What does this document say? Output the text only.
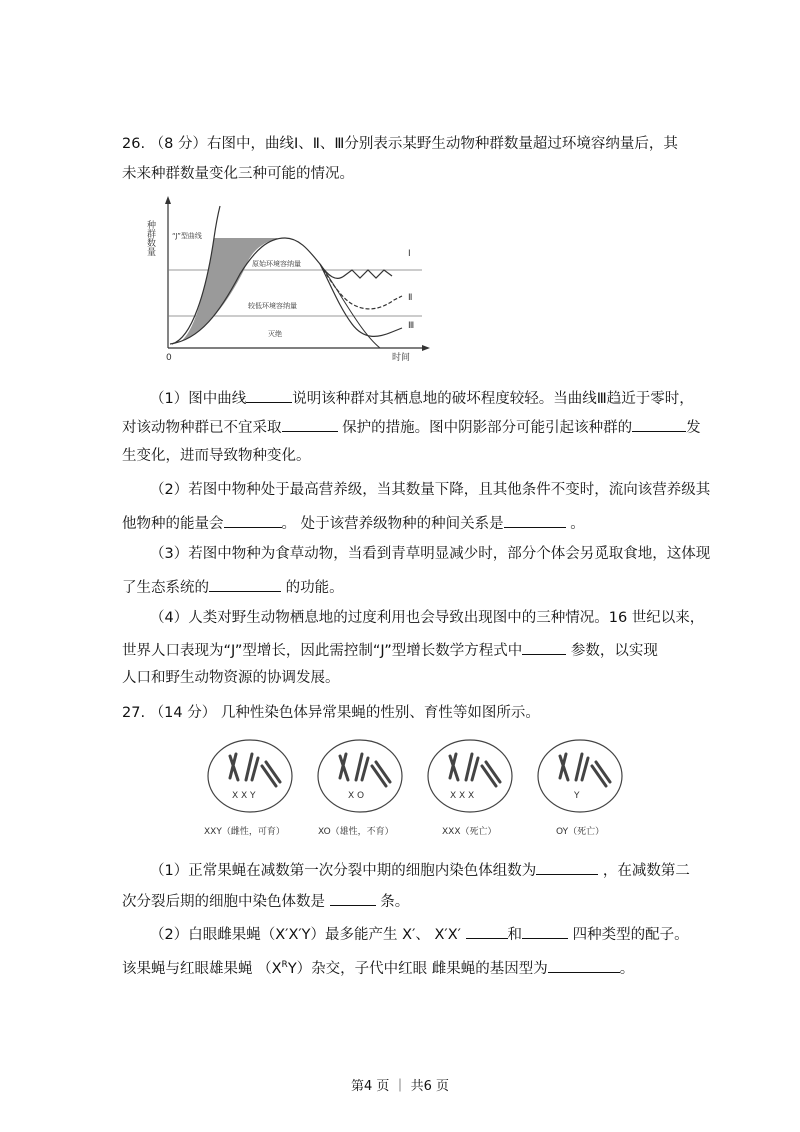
26. （8 分）右图中，曲线Ⅰ、Ⅱ、Ⅲ分别表示某野生动物种群数量超过环境容纳量后，其
未来种群数量变化三种可能的情况。
种群数量
时间
0
“J”型曲线
原始环境容纳量
较低环境容纳量
灭绝
Ⅰ
Ⅱ
Ⅲ
（1）图中曲线	说明该种群对其栖息地的破坏程度较轻。当曲线Ⅲ趋近于零时，
对该动物种群已不宜采取	保护的措施。图中阴影部分可能引起该种群的	发
生变化，进而导致物种变化。
（2）若图中物种处于最高营养级，当其数量下降，且其他条件不变时，流向该营养级其
他物种的能量会	。 处于该营养级物种的种间关系是	。
（3）若图中物种为食草动物，当看到青草明显减少时，部分个体会另觅取食地，这体现
了生态系统的	的功能。
（4）人类对野生动物栖息地的过度利用也会导致出现图中的三种情况。16 世纪以来，
世界人口表现为“J”型增长，因此需控制“J”型增长数学方程式中	参数，以实现
人口和野生动物资源的协调发展。
27. （14 分） 几种性染色体异常果蝇的性别、育性等如图所示。
X X Y
XXY（雌性，可育）
X O
XO（雄性，不育）
X X X
XXX（死亡）
Y
OY（死亡）
（1）正常果蝇在减数第一次分裂中期的细胞内染色体组数为	，在减数第二
次分裂后期的细胞中染色体数是	条。
（2）白眼雌果蝇（X′X′Y）最多能产生 X′、 X′X′	和	四种类型的配子。
该果蝇与红眼雄果蝇 $(X^RY)$杂交，子代中红眼 雌果蝇的基因型为	。
第4 页 ｜ 共6 页
